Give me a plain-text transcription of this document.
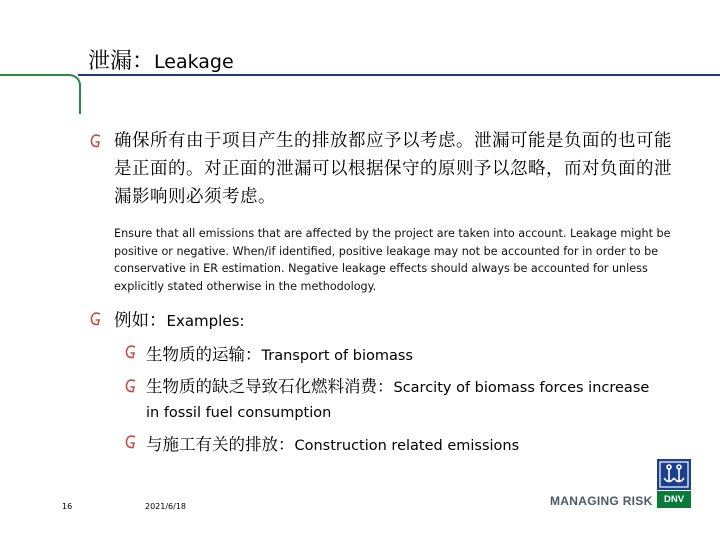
泄漏：Leakage
确保所有由于项目产生的排放都应予以考虑。泄漏可能是负面的也可能是正面的。对正面的泄漏可以根据保守的原则予以忽略，而对负面的泄漏影响则必须考虑。
Ensure that all emissions that are affected by the project are taken into account. Leakage might be positive or negative. When/if identified, positive leakage may not be accounted for in order to be conservative in ER estimation. Negative leakage effects should always be accounted for unless explicitly stated otherwise in the methodology.
例如：Examples:
生物质的运输：Transport of biomass
生物质的缺乏导致石化燃料消费：Scarcity of biomass forces increase in fossil fuel consumption
与施工有关的排放：Construction related emissions
16	2021/6/18	MANAGING RISK	DNV
